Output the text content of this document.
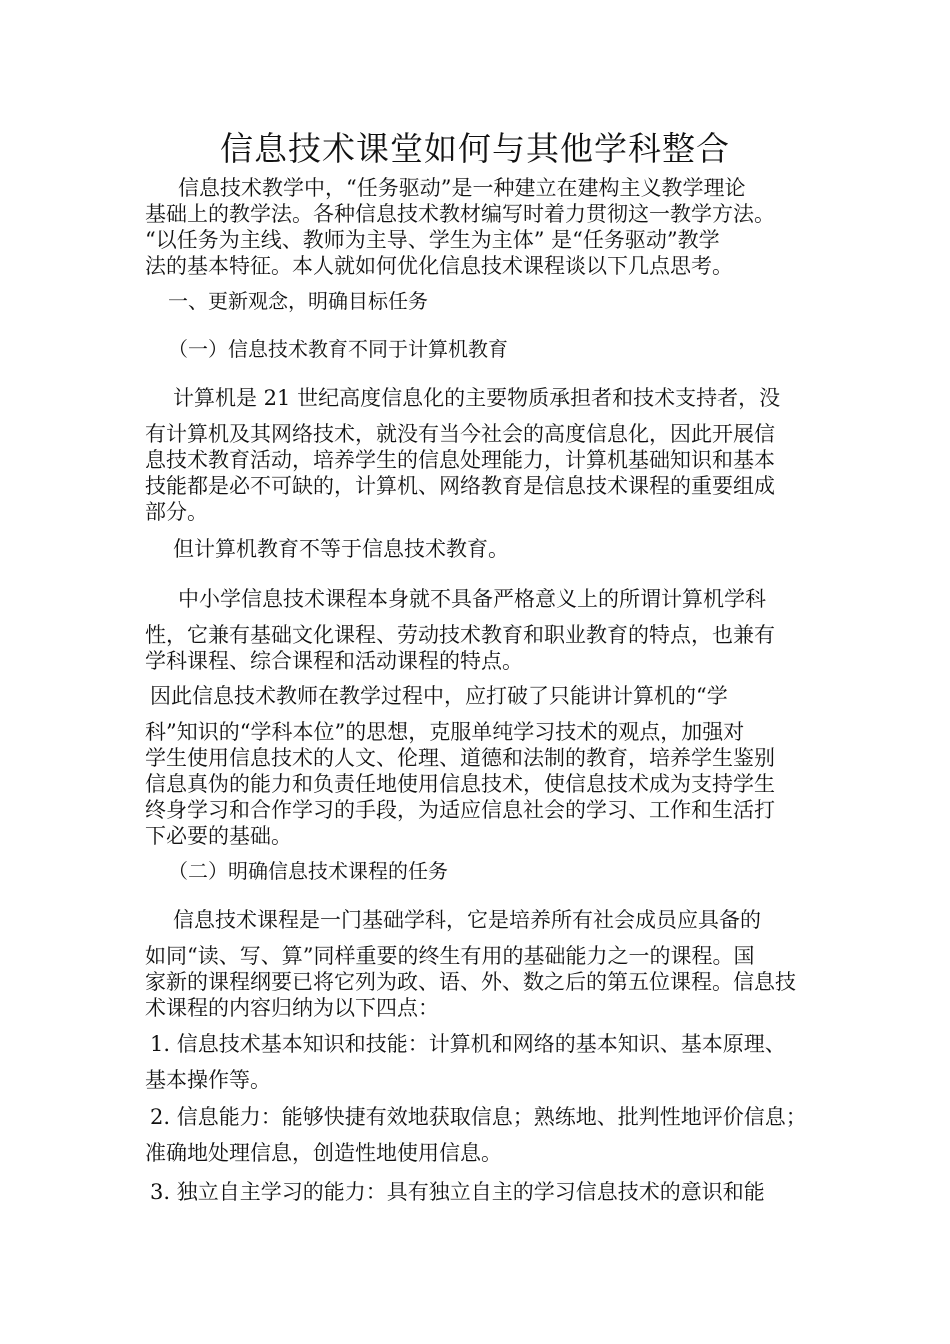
信息技术课堂如何与其他学科整合
信息技术教学中，“任务驱动”是一种建立在建构主义教学理论
基础上的教学法。各种信息技术教材编写时着力贯彻这一教学方法。
“以任务为主线、教师为主导、学生为主体” 是“任务驱动”教学
法的基本特征。本人就如何优化信息技术课程谈以下几点思考。
一、更新观念，明确目标任务
（一）信息技术教育不同于计算机教育
计算机是 21 世纪高度信息化的主要物质承担者和技术支持者，没
有计算机及其网络技术，就没有当今社会的高度信息化，因此开展信
息技术教育活动，培养学生的信息处理能力，计算机基础知识和基本
技能都是必不可缺的，计算机、网络教育是信息技术课程的重要组成
部分。
但计算机教育不等于信息技术教育。
中小学信息技术课程本身就不具备严格意义上的所谓计算机学科
性，它兼有基础文化课程、劳动技术教育和职业教育的特点，也兼有
学科课程、综合课程和活动课程的特点。
因此信息技术教师在教学过程中，应打破了只能讲计算机的“学
科”知识的“学科本位”的思想，克服单纯学习技术的观点，加强对
学生使用信息技术的人文、伦理、道德和法制的教育，培养学生鉴别
信息真伪的能力和负责任地使用信息技术，使信息技术成为支持学生
终身学习和合作学习的手段，为适应信息社会的学习、工作和生活打
下必要的基础。
（二）明确信息技术课程的任务
信息技术课程是一门基础学科，它是培养所有社会成员应具备的
如同“读、写、算”同样重要的终生有用的基础能力之一的课程。国
家新的课程纲要已将它列为政、语、外、数之后的第五位课程。信息技
术课程的内容归纳为以下四点：
1. 信息技术基本知识和技能：计算机和网络的基本知识、基本原理、
基本操作等。
2. 信息能力：能够快捷有效地获取信息；熟练地、批判性地评价信息；
准确地处理信息，创造性地使用信息。
3. 独立自主学习的能力：具有独立自主的学习信息技术的意识和能
